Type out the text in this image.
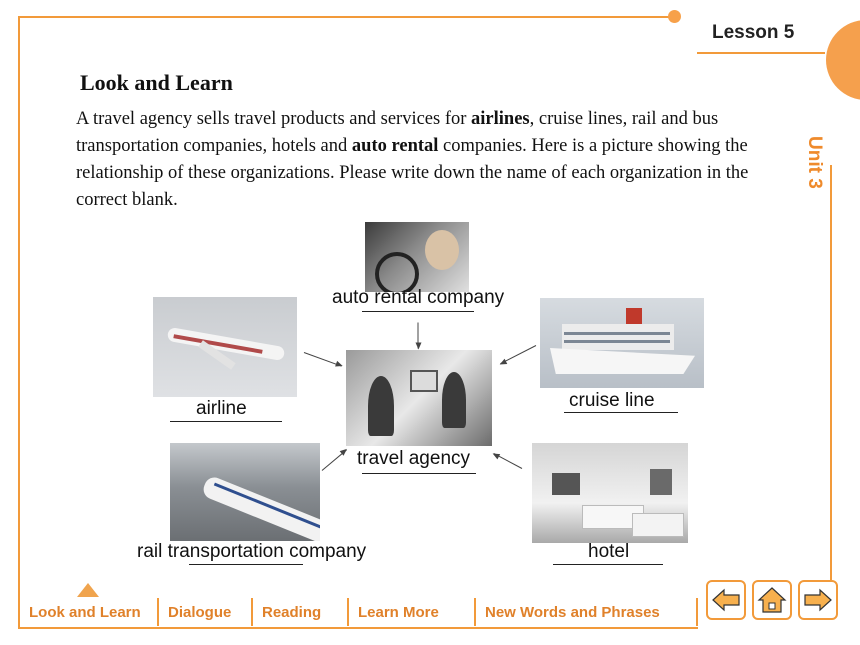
Lesson 5
Unit 3
Look and Learn

A travel agency sells travel products and services for airlines, cruise lines, rail and bus transportation companies, hotels and auto rental companies. Here is a picture showing the relationship of these organizations. Please write down the name of each organization in the correct blank.

auto rental company
airline	cruise line
travel agency
rail transportation company	hotel
Look and Learn	Dialogue	Reading	Learn More	New Words and Phrases
